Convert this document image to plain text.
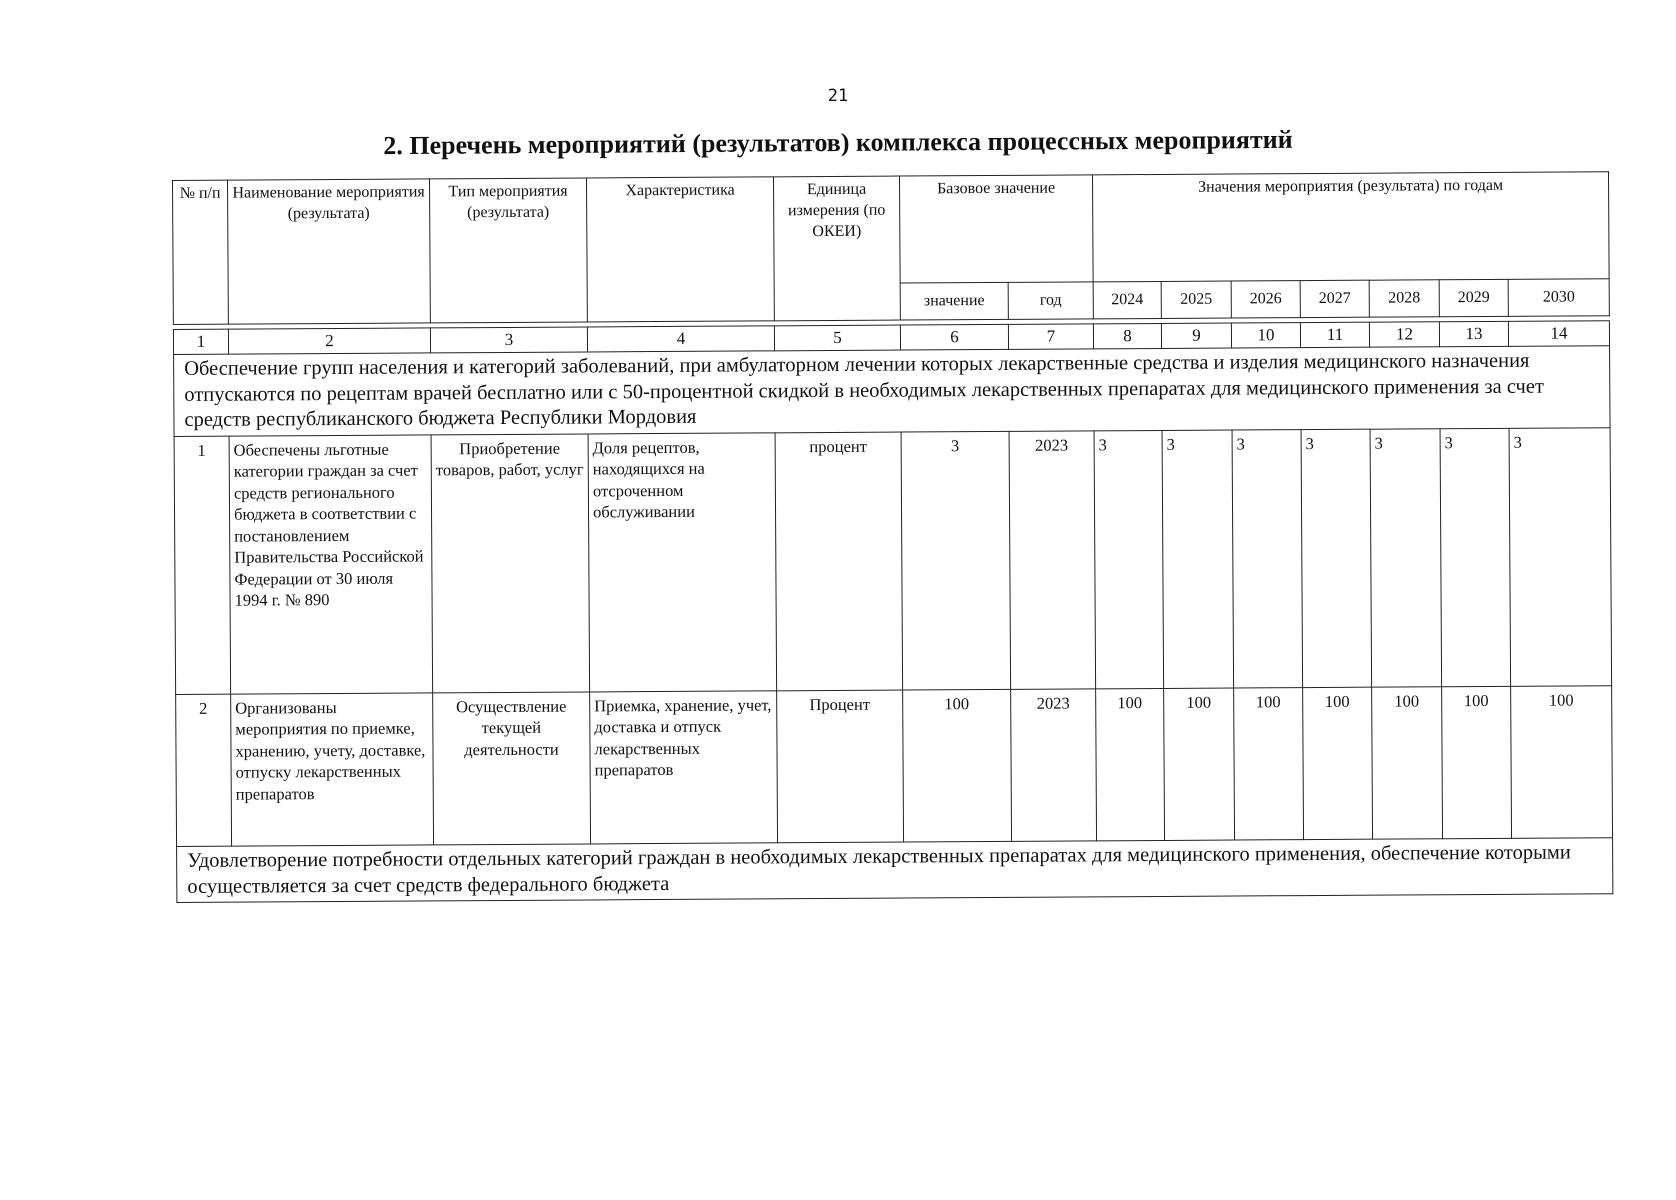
21
2. Перечень мероприятий (результатов) комплекса процессных мероприятий
№ п/п	Наименование мероприятия (результата)	Тип мероприятия (результата)	Характеристика	Единица измерения (по ОКЕИ)	Базовое значение		Значения мероприятия (результата) по годам						
					значение	год	2024	2025	2026	2027	2028	2029	2030

1	2	3	4	5	6	7	8	9	10	11	12	13	14
Обеспечение групп населения и категорий заболеваний, при амбулаторном лечении которых лекарственные средства и изделия медицинского назначения отпускаются по рецептам врачей бесплатно или с 50-процентной скидкой в необходимых лекарственных препаратах для медицинского применения за счет средств республиканского бюджета Республики Мордовия													
1	Обеспечены льготные категории граждан за счет средств регионального бюджета в соответствии с постановлением Правительства Российской Федерации от 30 июля 1994 г. № 890	Приобретение товаров, работ, услуг	Доля рецептов, находящихся на отсроченном обслуживании	процент	3	2023	3	3	3	3	3	3	3
2	Организованы мероприятия по приемке, хранению, учету, доставке, отпуску лекарственных препаратов	Осуществление текущей деятельности	Приемка, хранение, учет, доставка и отпуск лекарственных препаратов	Процент	100	2023	100	100	100	100	100	100	100
Удовлетворение потребности отдельных категорий граждан в необходимых лекарственных препаратах для медицинского применения, обеспечение которыми осуществляется за счет средств федерального бюджета													
